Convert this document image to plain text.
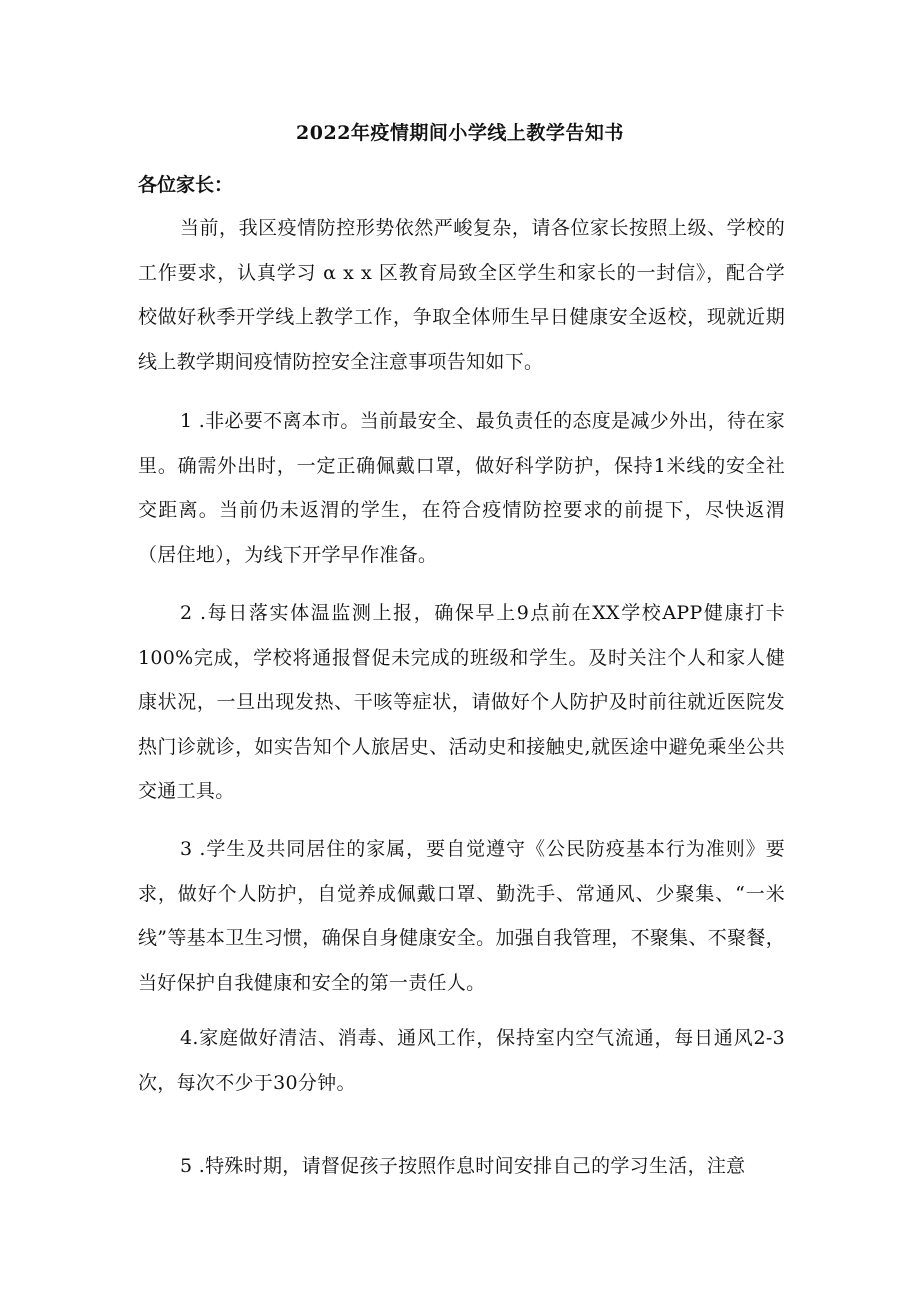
2022年疫情期间小学线上教学告知书
各位家长：

当前，我区疫情防控形势依然严峻复杂，请各位家长按照上级、学校的工作要求，认真学习 α x x 区教育局致全区学生和家长的一封信》，配合学校做好秋季开学线上教学工作，争取全体师生早日健康安全返校，现就近期线上教学期间疫情防控安全注意事项告知如下。

1 .非必要不离本市。当前最安全、最负责任的态度是减少外出，待在家里。确需外出时，一定正确佩戴口罩，做好科学防护，保持1米线的安全社交距离。当前仍未返渭的学生，在符合疫情防控要求的前提下，尽快返渭（居住地），为线下开学早作准备。

2 .每日落实体温监测上报，确保早上9点前在XX学校APP健康打卡100%完成，学校将通报督促未完成的班级和学生。及时关注个人和家人健康状况，一旦出现发热、干咳等症状，请做好个人防护及时前往就近医院发热门诊就诊，如实告知个人旅居史、活动史和接触史,就医途中避免乘坐公共交通工具。

3 .学生及共同居住的家属，要自觉遵守《公民防疫基本行为准则》要求，做好个人防护，自觉养成佩戴口罩、勤洗手、常通风、少聚集、“一米线”等基本卫生习惯，确保自身健康安全。加强自我管理，不聚集、不聚餐，当好保护自我健康和安全的第一责任人。

4.家庭做好清洁、消毒、通风工作，保持室内空气流通，每日通风2-3次，每次不少于30分钟。

5 .特殊时期，请督促孩子按照作息时间安排自己的学习生活，注意
